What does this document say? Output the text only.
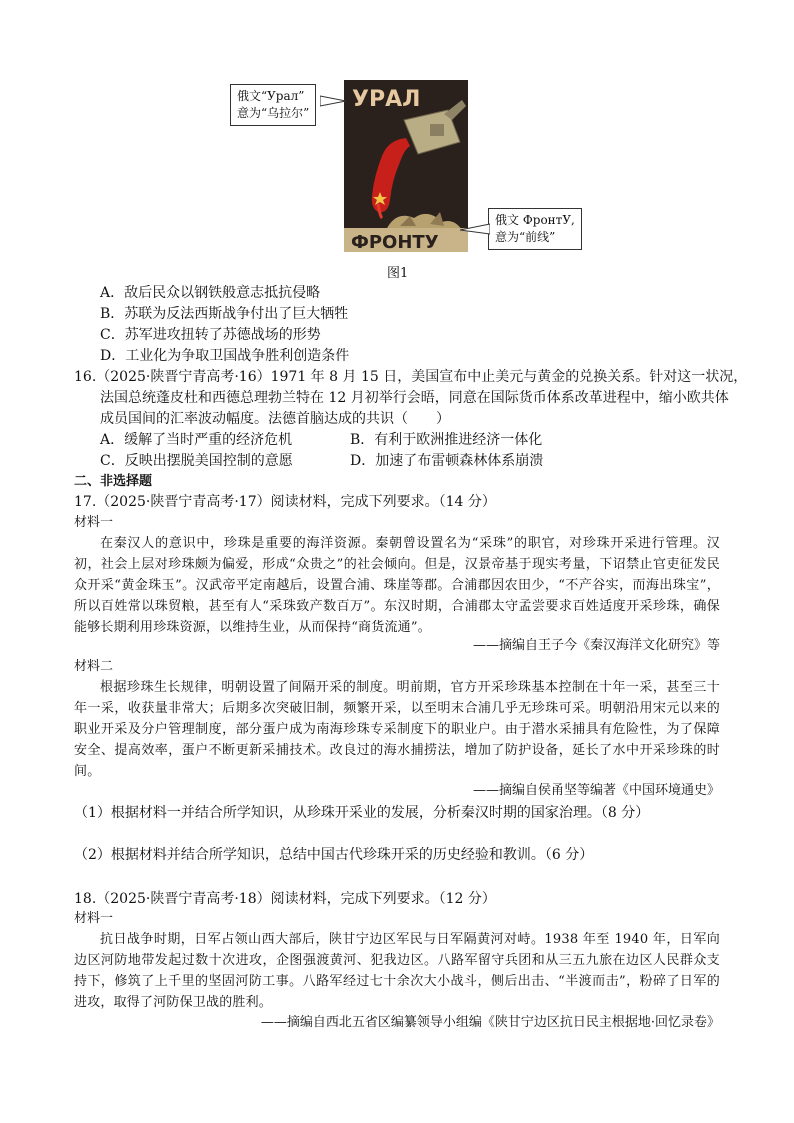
УРАЛ
ФРОНТУ
俄文“Урал”
意为“乌拉尔”
俄文 ФронтУ,
意为“前线”
图1
A．敌后民众以钢铁般意志抵抗侵略
B．苏联为反法西斯战争付出了巨大牺牲
C．苏军进攻扭转了苏德战场的形势
D．工业化为争取卫国战争胜利创造条件
16.（2025·陕晋宁青高考·16）1971 年 8 月 15 日，美国宣布中止美元与黄金的兑换关系。针对这一状况，
法国总统蓬皮杜和西德总理勃兰特在 12 月初举行会晤，同意在国际货币体系改革进程中，缩小欧共体
成员国间的汇率波动幅度。法德首脑达成的共识（　　）
A．缓解了当时严重的经济危机	B．有利于欧洲推进经济一体化
C．反映出摆脱美国控制的意愿	D．加速了布雷顿森林体系崩溃
二、非选择题
17.（2025·陕晋宁青高考·17）阅读材料，完成下列要求。（14 分）
材料一
在秦汉人的意识中，珍珠是重要的海洋资源。秦朝曾设置名为“采珠”的职官，对珍珠开采进行管理。汉初，社会上层对珍珠颇为偏爱，形成“众贵之”的社会倾向。但是，汉景帝基于现实考量，下诏禁止官吏征发民众开采“黄金珠玉”。汉武帝平定南越后，设置合浦、珠崖等郡。合浦郡因农田少，“不产谷实，而海出珠宝”，所以百姓常以珠贸粮，甚至有人“采珠致产数百万”。东汉时期，合浦郡太守孟尝要求百姓适度开采珍珠，确保能够长期利用珍珠资源，以维持生业，从而保持“商货流通”。
——摘编自王子今《秦汉海洋文化研究》等
材料二
根据珍珠生长规律，明朝设置了间隔开采的制度。明前期，官方开采珍珠基本控制在十年一采，甚至三十年一采，收获量非常大；后期多次突破旧制，频繁开采，以至明末合浦几乎无珍珠可采。明朝沿用宋元以来的职业开采及分户管理制度，部分蛋户成为南海珍珠专采制度下的职业户。由于潜水采捕具有危险性，为了保障安全、提高效率，蛋户不断更新采捕技术。改良过的海水捕捞法，增加了防护设备，延长了水中开采珍珠的时间。
——摘编自侯甬坚等编著《中国环境通史》
（1）根据材料一并结合所学知识，从珍珠开采业的发展，分析秦汉时期的国家治理。（8 分）
（2）根据材料并结合所学知识，总结中国古代珍珠开采的历史经验和教训。（6 分）
18.（2025·陕晋宁青高考·18）阅读材料，完成下列要求。（12 分）
材料一
抗日战争时期，日军占领山西大部后，陕甘宁边区军民与日军隔黄河对峙。1938 年至 1940 年，日军向边区河防地带发起过数十次进攻，企图强渡黄河、犯我边区。八路军留守兵团和从三五九旅在边区人民群众支持下，修筑了上千里的坚固河防工事。八路军经过七十余次大小战斗，侧后出击、“半渡而击”，粉碎了日军的进攻，取得了河防保卫战的胜利。
——摘编自西北五省区编纂领导小组编《陕甘宁边区抗日民主根据地·回忆录卷》
